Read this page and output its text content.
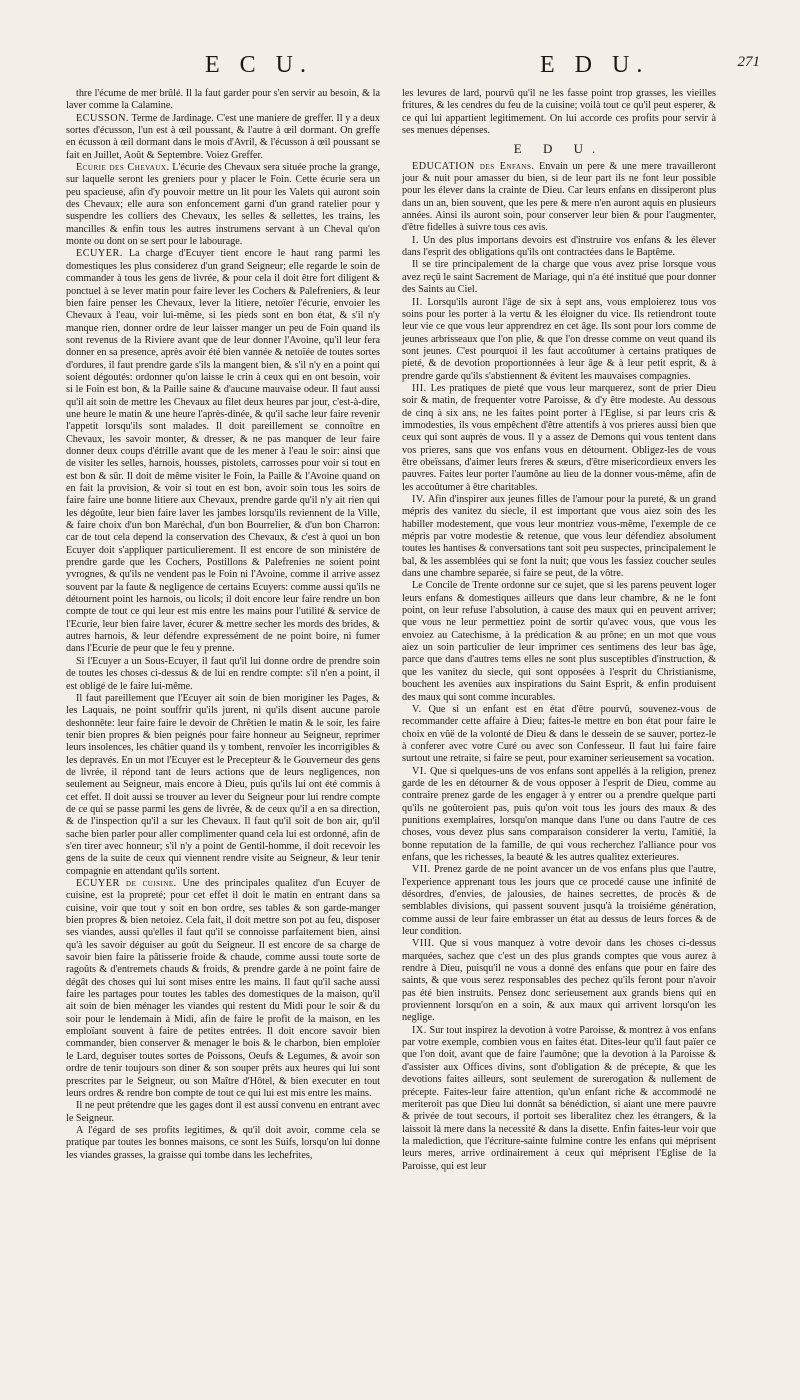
E C U.	E D U.	271

thre l'écume de mer brûlé. Il la faut garder pour s'en servir au besoin, & la laver comme la Calamine.

ECUSSON. Terme de Jardinage. C'est une maniere de greffer. Il y a deux sortes d'écusson, l'un est à œil poussant, & l'autre à œil dormant. On greffe en écusson à œil dormant dans le mois d'Avril, & l'écusson à œil poussant se fait en Juillet, Août & Septembre. Voiez Greffer.

Ecurie des Chevaux. L'écurie des Chevaux sera située proche la grange, sur laquelle seront les greniers pour y placer le Foin. Cette écurie sera un peu spacieuse, afin d'y pouvoir mettre un lit pour les Valets qui auront soin des Chevaux; elle aura son enfoncement garni d'un grand ratelier pour y suspendre les colliers des Chevaux, les selles & sellettes, les trains, les mancilles & enfin tous les autres instrumens servant à un Cheval qu'on monte ou dont on se sert pour le labourage.

ECUYER. La charge d'Ecuyer tient encore le haut rang parmi les domestiques les plus considerez d'un grand Seigneur; elle regarde le soin de commander à tous les gens de livrée, & pour cela il doit être fort diligent & ponctuel à se lever matin pour faire lever les Cochers & Palefreniers, & leur bien faire penser les Chevaux, lever la litiere, netoïer l'écurie, envoier les Chevaux à l'eau, voir lui-même, si les pieds sont en bon état, & s'il n'y manque rien, donner ordre de leur laisser manger un peu de Foin quand ils sont revenus de la Riviere avant que de leur donner l'Avoine, qu'il leur fera donner en sa presence, après avoir été bien vannée & netoïée de toutes sortes d'ordures, il faut prendre garde s'ils la mangent bien, & s'il n'y en a point qui soient dégoutés: ordonner qu'on laisse le crin à ceux qui en ont besoin, voir si le Foin est bon, & la Paille saine & d'aucune mauvaise odeur. Il faut aussi qu'il ait soin de mettre les Chevaux au filet deux heures par jour, c'est-à-dire, une heure le matin & une heure l'après-dinée, & qu'il sache leur faire revenir l'appetit lorsqu'ils sont malades. Il doit pareillement se connoître en Chevaux, les savoir monter, & dresser, & ne pas manquer de leur faire donner deux coups d'étrille avant que de les mener à l'eau le soir: ainsi que de visiter les selles, harnois, housses, pistolets, carrosses pour voir si tout en est bon & sûr. Il doit de même visiter le Foin, la Paille & l'Avoine quand on en fait la provision, & voir si tout en est bon, avoir soin tous les soirs de faire faire une bonne litiere aux Chevaux, prendre garde qu'il n'y ait rien qui les dégoûte, leur bien faire laver les jambes lorsqu'ils reviennent de la Ville, & faire choix d'un bon Maréchal, d'un bon Bourrelier, & d'un bon Charron: car de tout cela depend la conservation des Chevaux, & c'est à quoi un bon Ecuyer doit s'appliquer particulierement. Il est encore de son ministére de prendre garde que les Cochers, Postillons & Palefrenies ne soient point yvrognes, & qu'ils ne vendent pas le Foin ni l'Avoine, comme il arrive assez souvent par la faute & negligence de certains Ecuyers: comme aussi qu'ils ne détournent point les harnois, ou licols; il doit encore leur faire rendre un bon compte de tout ce qui leur est mis entre les mains pour l'utilité & service de l'Ecurie, leur bien faire laver, écurer & mettre secher les mords des brides, & autres harnois, & leur défendre expressément de ne point boire, ni fumer dans l'Ecurie de peur que le feu y prenne.

Si l'Ecuyer a un Sous-Ecuyer, il faut qu'il lui donne ordre de prendre soin de toutes les choses ci-dessus & de lui en rendre compte: s'il n'en a point, il est obligé de le faire lui-même.

Il faut pareillement que l'Ecuyer ait soin de bien moriginer les Pages, & les Laquais, ne point souffrir qu'ils jurent, ni qu'ils disent aucune parole deshonnête: leur faire faire le devoir de Chrêtien le matin & le soir, les faire tenir bien propres & bien peignés pour faire honneur au Seigneur, reprimer leurs insolences, les châtier quand ils y tombent, renvoïer les incorrigibles & les depravés. En un mot l'Ecuyer est le Precepteur & le Gouverneur des gens de livrée, il répond tant de leurs actions que de leurs negligences, non seulement au Seigneur, mais encore à Dieu, puis qu'ils lui ont été commis à cet effet. Il doit aussi se trouver au lever du Seigneur pour lui rendre compte de ce qui se passe parmi les gens de livrée, & de ceux qu'il a en sa direction, & de l'inspection qu'il a sur les Chevaux. Il faut qu'il soit de bon air, qu'il sache bien parler pour aller complimenter quand cela lui est ordonné, afin de s'en tirer avec honneur; s'il n'y a point de Gentil-homme, il doit recevoir les gens de la suite de ceux qui viennent rendre visite au Seigneur, & leur tenir compagnie en attendant qu'ils sortent.

ECUYER de cuisine. Une des principales qualitez d'un Ecuyer de cuisine, est la propreté; pour cet effet il doit le matin en entrant dans sa cuisine, voir que tout y soit en bon ordre, ses tables & son garde-manger bien propres & bien netoiez. Cela fait, il doit mettre son pot au feu, disposer ses viandes, aussi qu'elles il faut qu'il se connoisse parfaitement bien, ainsi qu'à les savoir déguiser au goût du Seigneur. Il est encore de sa charge de savoir bien faire la pâtisserie froide & chaude, comme aussi toute sorte de ragoûts & d'entremets chauds & froids, & prendre garde à ne point faire de dégât des choses qui lui sont mises entre les mains. Il faut qu'il sache aussi faire les partages pour toutes les tables des domestiques de la maison, qu'il ait soin de bien ménager les viandes qui restent du Midi pour le soir & du soir pour le lendemain à Midi, afin de faire le profit de la maison, en les emploïant souvent à faire de petites entrées. Il doit encore savoir bien commander, bien conserver & menager le bois & le charbon, bien emploïer le Lard, deguiser toutes sortes de Poissons, Oeufs & Legumes, & avoir son ordre de tenir toujours son diner & son souper prêts aux heures qui lui sont prescrites par le Seigneur, ou son Maître d'Hôtel, & bien executer en tout leurs ordres & rendre bon compte de tout ce qui lui est mis entre les mains.

Il ne peut prétendre que les gages dont il est aussi convenu en entrant avec le Seigneur.

A l'égard de ses profits legitimes, & qu'il doit avoir, comme cela se pratique par toutes les bonnes maisons, ce sont les Suifs, lorsqu'on lui donne les viandes grasses, la graisse qui tombe dans les lechefrites,

les levures de lard, pourvû qu'il ne les fasse point trop grasses, les vieilles fritures, & les cendres du feu de la cuisine; voilà tout ce qu'il peut esperer, & ce qui lui appartient legitimement. On lui accorde ces profits pour servir à ses menues dépenses.

E D U.

EDUCATION des Enfans. Envain un pere & une mere travailleront jour & nuit pour amasser du bien, si de leur part ils ne font leur possible pour les élever dans la crainte de Dieu. Car leurs enfans en dissiperont plus dans un an, bien souvent, que les pere & mere n'en auront aquis en plusieurs années. Ainsi ils auront soin, pour conserver leur bien & pour l'augmenter, d'être fidelles à suivre tous ces avis.

I. Un des plus importans devoirs est d'instruire vos enfans & les élever dans l'esprit des obligations qu'ils ont contractées dans le Baptême.

Il se tire principalement de la charge que vous avez prise lorsque vous avez reçû le saint Sacrement de Mariage, qui n'a été institué que pour donner des Saints au Ciel.

II. Lorsqu'ils auront l'âge de six à sept ans, vous emploierez tous vos soins pour les porter à la vertu & les éloigner du vice. Ils retiendront toute leur vie ce que vous leur apprendrez en cet âge. Ils sont pour lors comme de jeunes arbrisseaux que l'on plie, & que l'on dresse comme on veut quand ils sont jeunes. C'est pourquoi il les faut accoûtumer à certains pratiques de pieté, & de devotion proportionnées à leur âge & à leur petit esprit, & à prendre garde qu'ils s'abstiennent & évitent les mauvaises compagnies.

III. Les pratiques de pieté que vous leur marquerez, sont de prier Dieu soir & matin, de frequenter votre Paroisse, & d'y être modeste. Au dessous de cinq à six ans, ne les faites point porter à l'Eglise, si par leurs cris & immodesties, ils vous empêchent d'être attentifs à vos prieres aussi bien que ceux qui sont auprès de vous. Il y a assez de Demons qui vous tentent dans vos prieres, sans que vos enfans vous en détournent. Obligez-les de vous être obeïssans, d'aimer leurs freres & sœurs, d'être misericordieux envers les pauvres. Faites leur porter l'aumône au lieu de la donner vous-même, afin de les accoûtumer à être charitables.

IV. Afin d'inspirer aux jeunes filles de l'amour pour la pureté, & un grand mépris des vanitez du siecle, il est important que vous aiez soin des les habiller modestement, que vous leur montriez vous-même, l'exemple de ce mépris par votre modestie & retenue, que vous leur défendiez absolument toutes les hantises & conversations tant soit peu suspectes, principalement le bal, & les assemblées qui se font la nuit; que vous les fassiez coucher seules dans une chambre separée, si faire se peut, de la vôtre.

Le Concile de Trente ordonne sur ce sujet, que si les parens peuvent loger leurs enfans & domestiques ailleurs que dans leur chambre, & ne le font point, on leur refuse l'absolution, à cause des maux qui en peuvent arriver; que vous ne leur permettiez point de sortir qu'avec vous, que vous les envoiez au Catechisme, à la prédication & au prône; en un mot que vous aiez un soin particulier de leur imprimer ces sentimens des leur bas âge, parce que dans d'autres tems elles ne sont plus susceptibles d'instruction, & que les vanitez du siecle, qui sont opposées à l'esprit du Christianisme, bouchent les avenües aux inspirations du Saint Esprit, & enfin produisent des maux qui sont comme incurables.

V. Que si un enfant est en état d'être pourvû, souvenez-vous de recommander cette affaire à Dieu; faites-le mettre en bon état pour faire le choix en vûë de la volonté de Dieu & dans le dessein de se sauver, portez-le à conferer avec votre Curé ou avec son Confesseur. Il faut lui faire faire surtout une retraite, si faire se peut, pour examiner serieusement sa vocation.

VI. Que si quelques-uns de vos enfans sont appellés à la religion, prenez garde de les en détourner & de vous opposer à l'esprit de Dieu, comme au contraire prenez garde de les engager à y entrer ou a prendre quelque parti qu'ils ne goûteroient pas, puis qu'on voit tous les jours des maux & des punitions exemplaires, lorsqu'on manque dans l'une ou dans l'autre de ces choses, vous devez plus sans comparaison considerer la vertu, l'amitié, la bonne reputation de la famille, de qui vous recherchez l'alliance pour vos enfans, que les richesses, la beauté & les autres qualitez exterieures.

VII. Prenez garde de ne point avancer un de vos enfans plus que l'autre, l'experience apprenant tous les jours que ce procedé cause une infinité de désordres, d'envies, de jalousies, de haines secrettes, de procès & de semblables divisions, qui passent souvent jusqu'à la troisiéme génération, comme aussi de leur faire embrasser un état au dessus de leurs forces & de leur condition.

VIII. Que si vous manquez à votre devoir dans les choses ci-dessus marquées, sachez que c'est un des plus grands comptes que vous aurez à rendre à Dieu, puisqu'il ne vous a donné des enfans que pour en faire des saints, & que vous serez responsables des pechez qu'ils feront pour n'avoir pas été bien instruits. Pensez donc serieusement aux grands biens qui en proviennent lorsqu'on en a soin, & aux maux qui arrivent lorsqu'on les neglige.

IX. Sur tout inspirez la devotion à votre Paroisse, & montrez à vos enfans par votre exemple, combien vous en faites état. Dites-leur qu'il faut païer ce que l'on doit, avant que de faire l'aumône; que la devotion à la Paroisse & d'assister aux Offices divins, sont d'obligation & de précepte, & que les devotions faites ailleurs, sont seulement de surerogation & nullement de précepte. Faites-leur faire attention, qu'un enfant riche & accommodé ne meriteroit pas que Dieu lui donnât sa bénédiction, si aiant une mere pauvre & privée de tout secours, il portoit ses liberalitez chez les étrangers, & la laissoit là mere dans la necessité & dans la disette. Enfin faites-leur voir que la malediction, que l'écriture-sainte fulmine contre les enfans qui méprisent leurs meres, arrive ordinairement à ceux qui méprisent l'Eglise de la Paroisse, qui est leur
